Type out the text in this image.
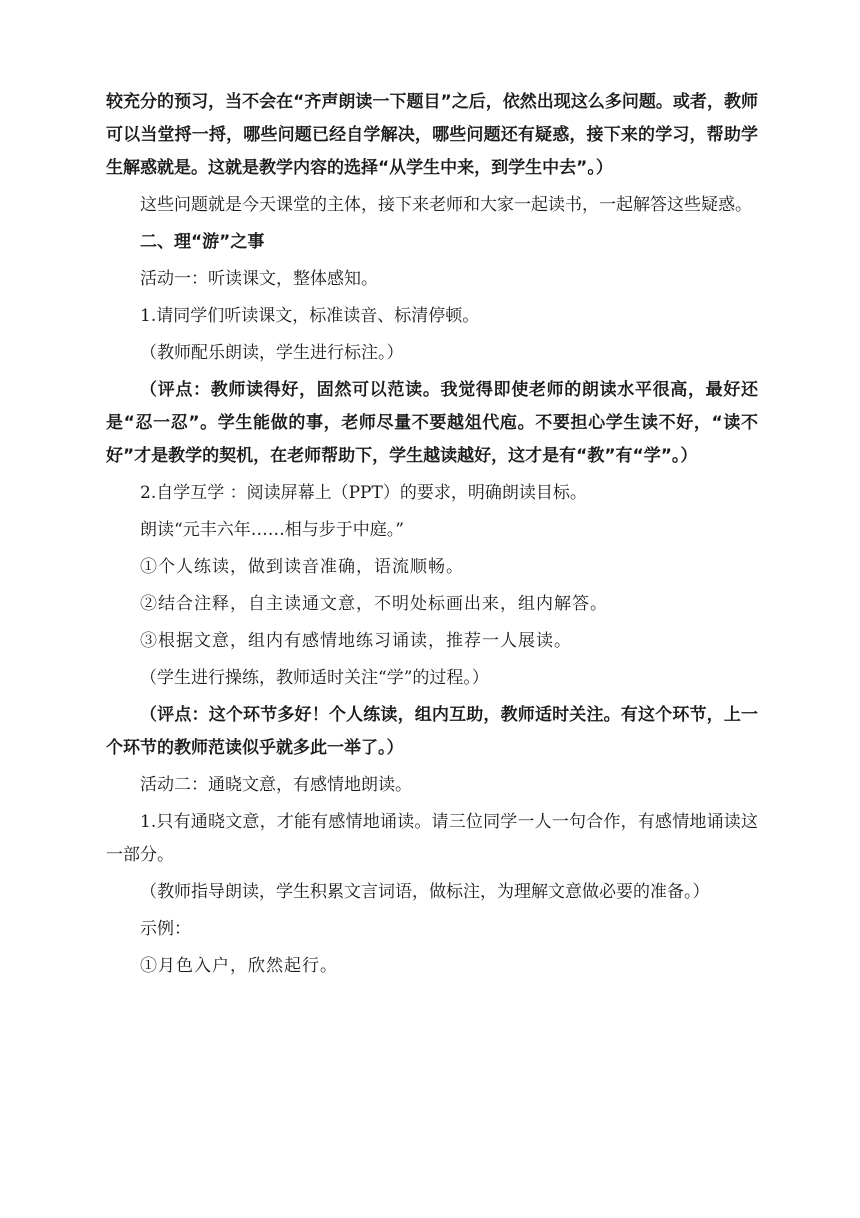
较充分的预习，当不会在“齐声朗读一下题目”之后，依然出现这么多问题。或者，教师可以当堂捋一捋，哪些问题已经自学解决，哪些问题还有疑惑，接下来的学习，帮助学生解惑就是。这就是教学内容的选择“从学生中来，到学生中去”。）

这些问题就是今天课堂的主体，接下来老师和大家一起读书，一起解答这些疑惑。

二、理“游”之事

活动一：听读课文，整体感知。

1.请同学们听读课文，标准读音、标清停顿。

（教师配乐朗读，学生进行标注。）

（评点：教师读得好，固然可以范读。我觉得即使老师的朗读水平很高，最好还是“忍一忍”。学生能做的事，老师尽量不要越俎代庖。不要担心学生读不好，“读不好”才是教学的契机，在老师帮助下，学生越读越好，这才是有“教”有“学”。）

2.自学互学 ：阅读屏幕上（PPT）的要求，明确朗读目标。

朗读“元丰六年……相与步于中庭。”

①个人练读，做到读音准确，语流顺畅。

②结合注释，自主读通文意，不明处标画出来，组内解答。

③根据文意，组内有感情地练习诵读，推荐一人展读。

（学生进行操练，教师适时关注“学”的过程。）

（评点：这个环节多好！个人练读，组内互助，教师适时关注。有这个环节，上一个环节的教师范读似乎就多此一举了。）

活动二：通晓文意，有感情地朗读。

1.只有通晓文意，才能有感情地诵读。请三位同学一人一句合作，有感情地诵读这一部分。

（教师指导朗读，学生积累文言词语，做标注，为理解文意做必要的准备。）

示例：

①月色入户，欣然起行。
